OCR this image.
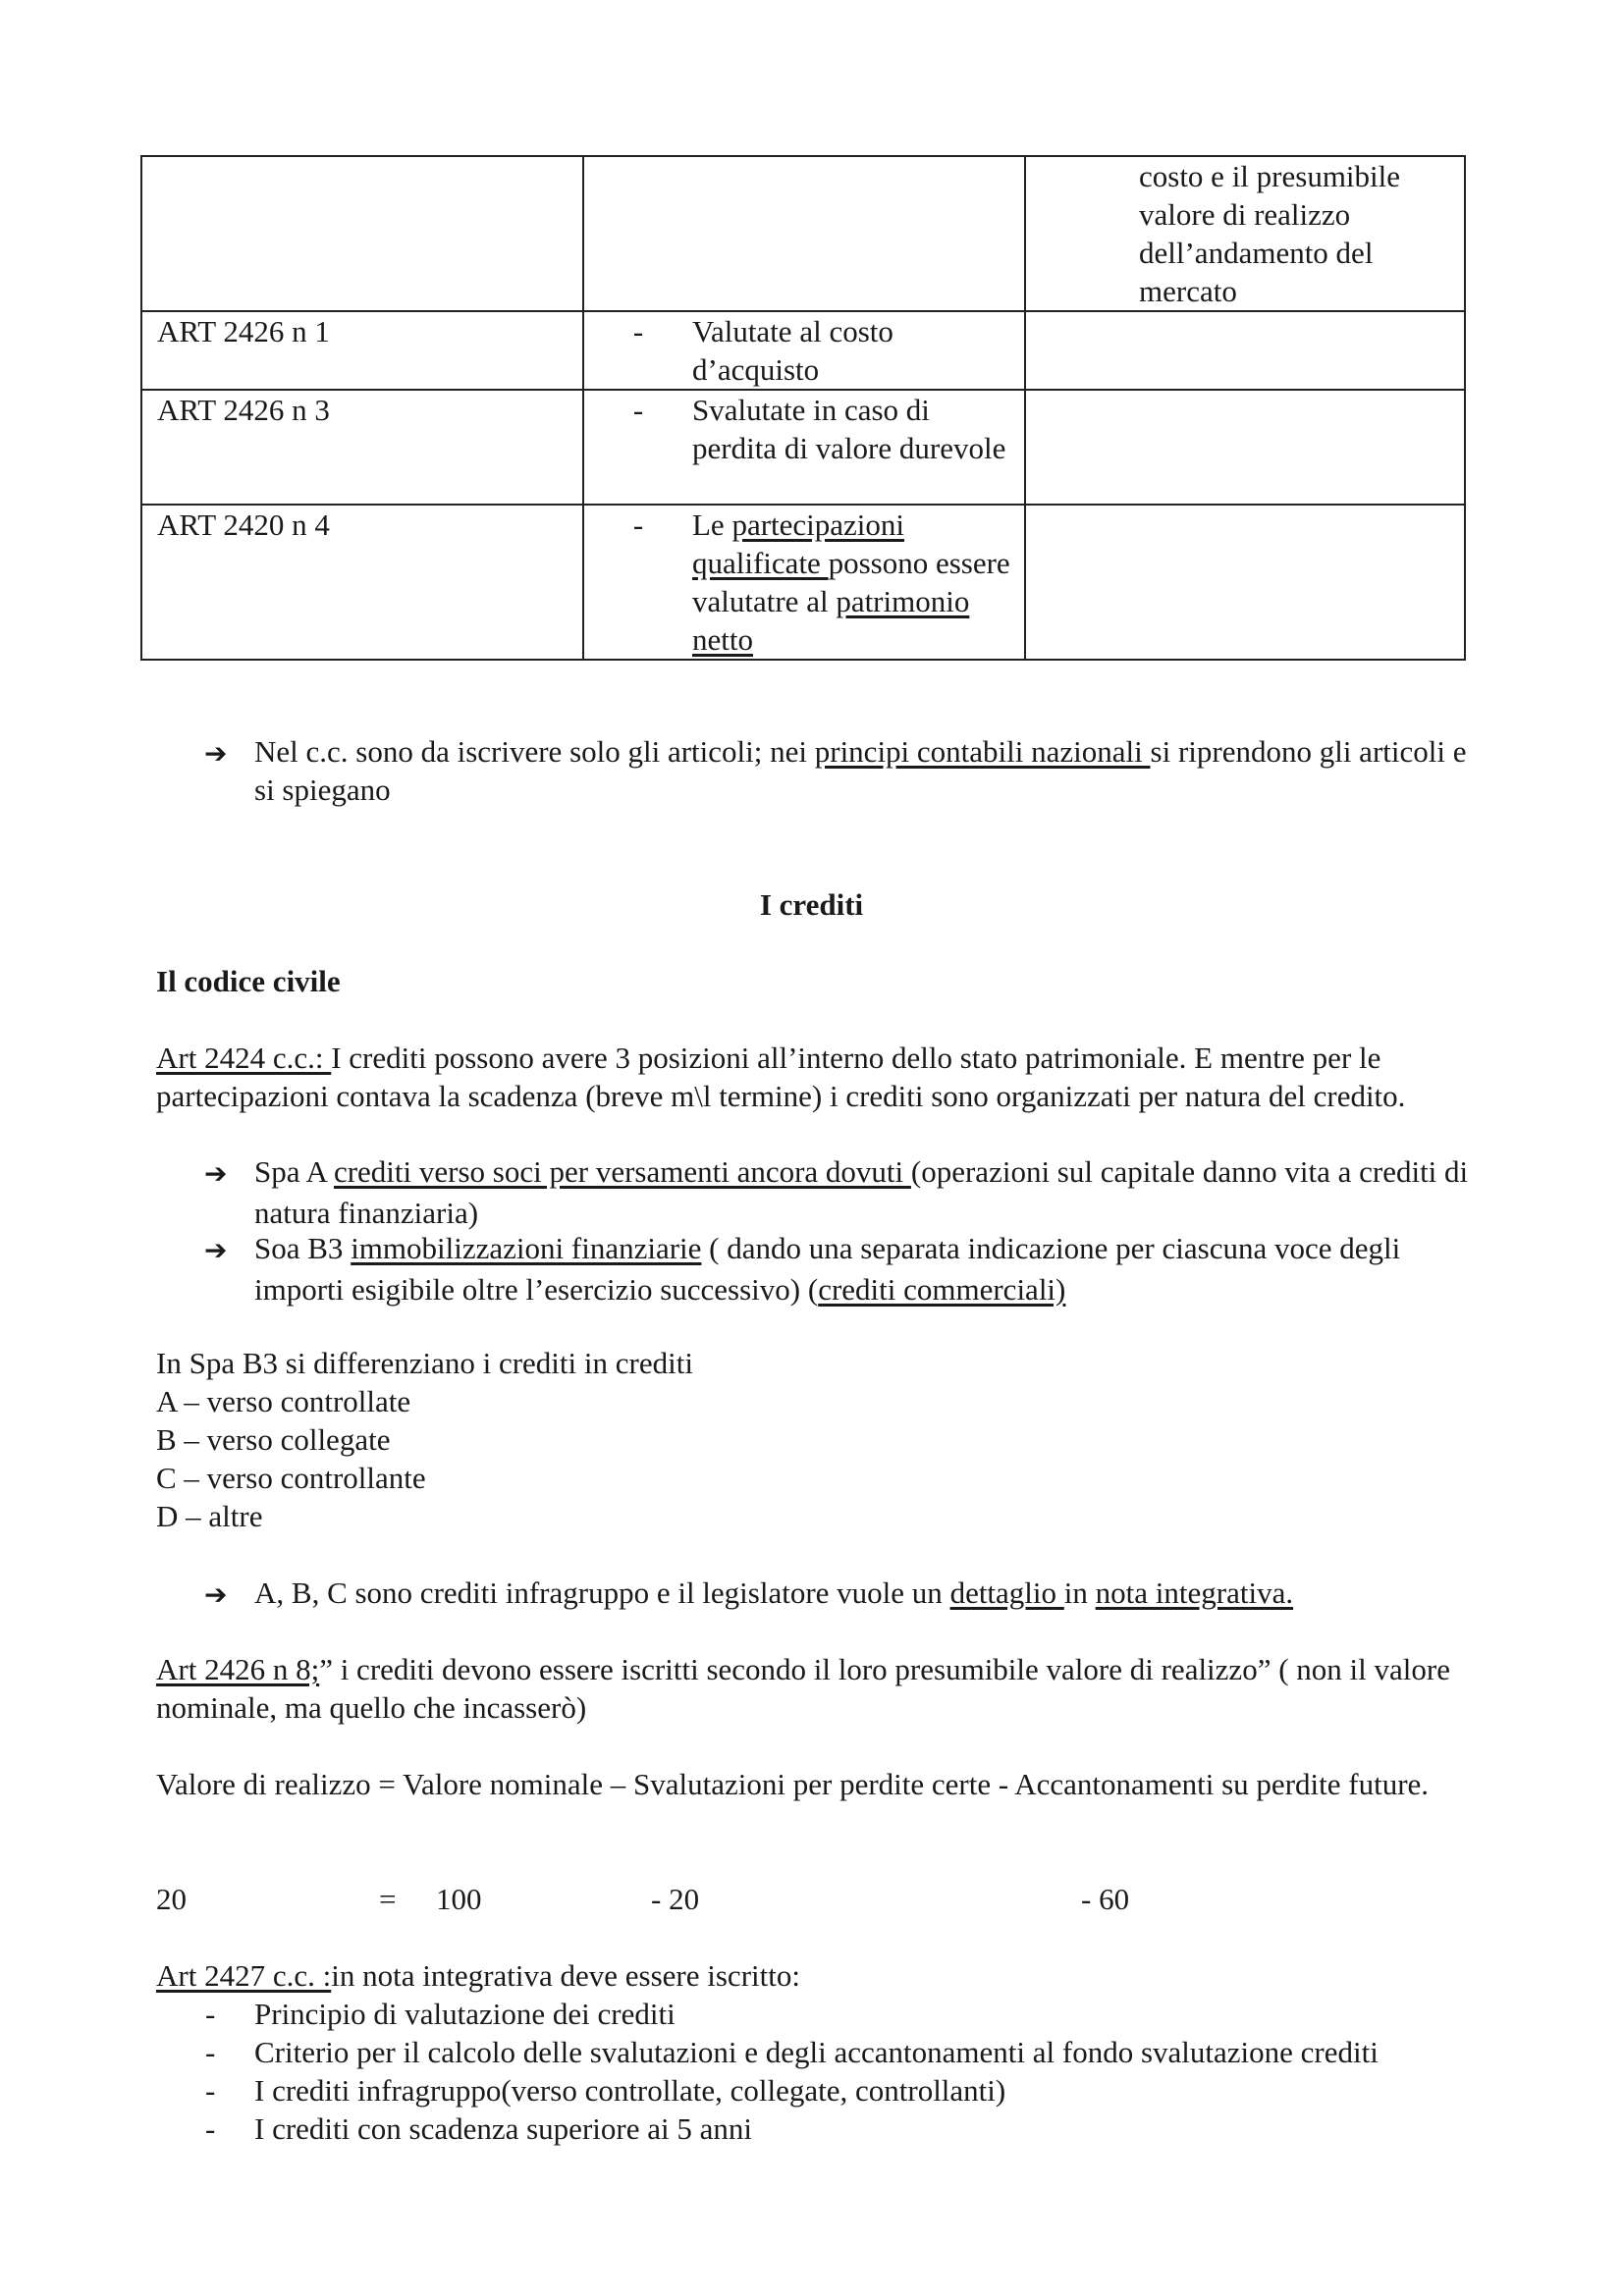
		costo e il presumibile valore di realizzo dell’andamento del mercato

ART 2426 n 1	- Valutate al costo d’acquisto	

ART 2426 n 3	- Svalutate in caso di perdita di valore durevole	

ART 2420 n 4	- Le partecipazioni qualificate possono essere valutatre al patrimonio netto	

➔ Nel c.c. sono da iscrivere solo gli articoli; nei principi contabili nazionali si riprendono gli articoli e si spiegano
I crediti
Il codice civile
Art 2424 c.c.: I crediti possono avere 3 posizioni all’interno dello stato patrimoniale. E mentre per le partecipazioni contava la scadenza (breve m\l termine) i crediti sono organizzati per natura del credito.
➔ Spa A crediti verso soci per versamenti ancora dovuti (operazioni sul capitale danno vita a crediti di natura finanziaria)
➔ Soa B3 immobilizzazioni finanziarie ( dando una separata indicazione per ciascuna voce degli importi esigibile oltre l’esercizio successivo) (crediti commerciali)
In Spa B3 si differenziano i crediti in crediti
A – verso controllate
B – verso collegate
C – verso controllante
D – altre
➔ A, B, C sono crediti infragruppo e il legislatore vuole un dettaglio in nota integrativa.
Art 2426 n 8;” i crediti devono essere iscritti secondo il loro presumibile valore di realizzo” ( non il valore nominale, ma quello che incasserò)
Valore di realizzo = Valore nominale – Svalutazioni per perdite certe - Accantonamenti su perdite future.
20	= 100	- 20	- 60
Art 2427 c.c. :in nota integrativa deve essere iscritto:
- Principio di valutazione dei crediti
- Criterio per il calcolo delle svalutazioni e degli accantonamenti al fondo svalutazione crediti
- I crediti infragruppo(verso controllate, collegate, controllanti)
- I crediti con scadenza superiore ai 5 anni
